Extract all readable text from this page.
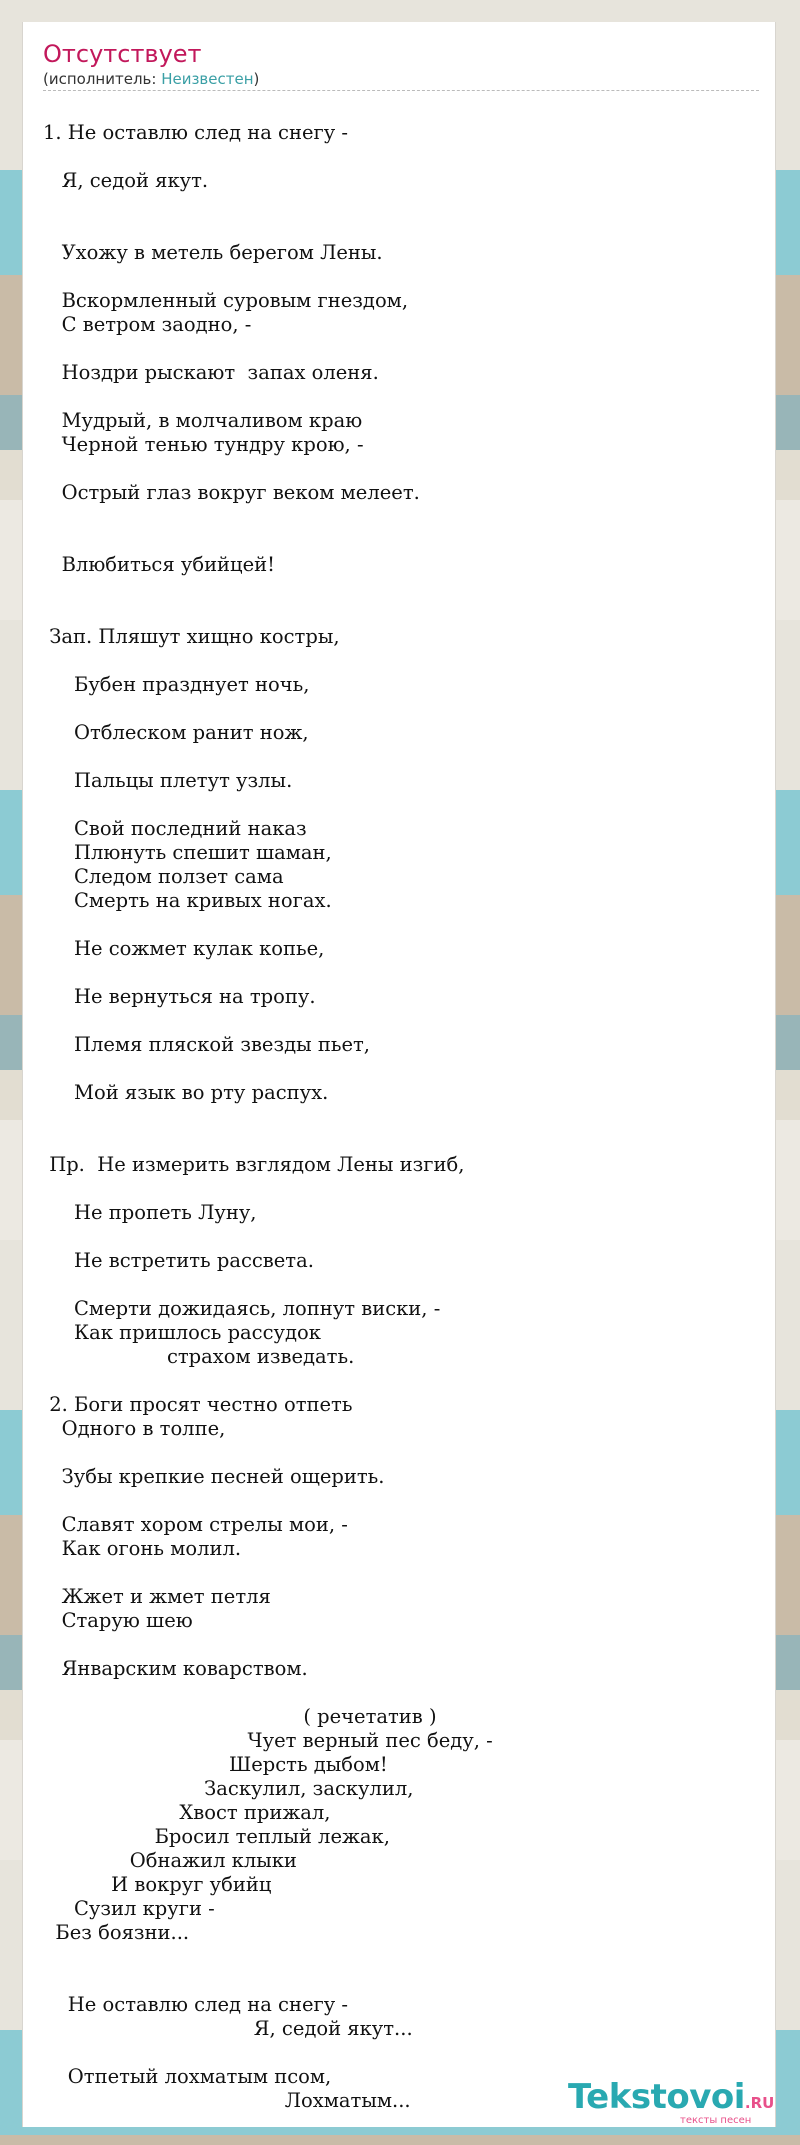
Отсутствует
(исполнитель: Неизвестен)
1. Не оставлю след на снегу -

Я, седой якут.

Ухожу в метель берегом Лены.

Вскормленный суровым гнездом,
С ветром заодно, -

Ноздри рыскают  запах оленя.

Мудрый, в молчаливом краю
Черной тенью тундру крою, -

Острый глаз вокруг веком мелеет.

Влюбиться убийцей!

Зап. Пляшут хищно костры,

Бубен празднует ночь,

Отблеском ранит нож,

Пальцы плетут узлы.

Свой последний наказ
Плюнуть спешит шаман,
Следом ползет сама
Смерть на кривых ногах.

Не сожмет кулак копье,

Не вернуться на тропу.

Племя пляской звезды пьет,

Мой язык во рту распух.

Пр.  Не измерить взглядом Лены изгиб,

Не пропеть Луну,

Не встретить рассвета.

Смерти дожидаясь, лопнут виски, -
Как пришлось рассудок
страхом изведать.

2. Боги просят честно отпеть
Одного в толпе,

Зубы крепкие песней ощерить.

Славят хором стрелы мои, -
Как огонь молил.

Жжет и жмет петля
Старую шею

Январским коварством.

( речетатив )
Чует верный пес беду, -
Шерсть дыбом!
Заскулил, заскулил,
Хвост прижал,
Бросил теплый лежак,
Обнажил клыки
И вокруг убийц
Сузил круги -
Без боязни...

Не оставлю след на снегу -
Я, седой якут...

Отпетый лохматым псом,
Лохматым...	Tekstovoi.RU
тексты песен
